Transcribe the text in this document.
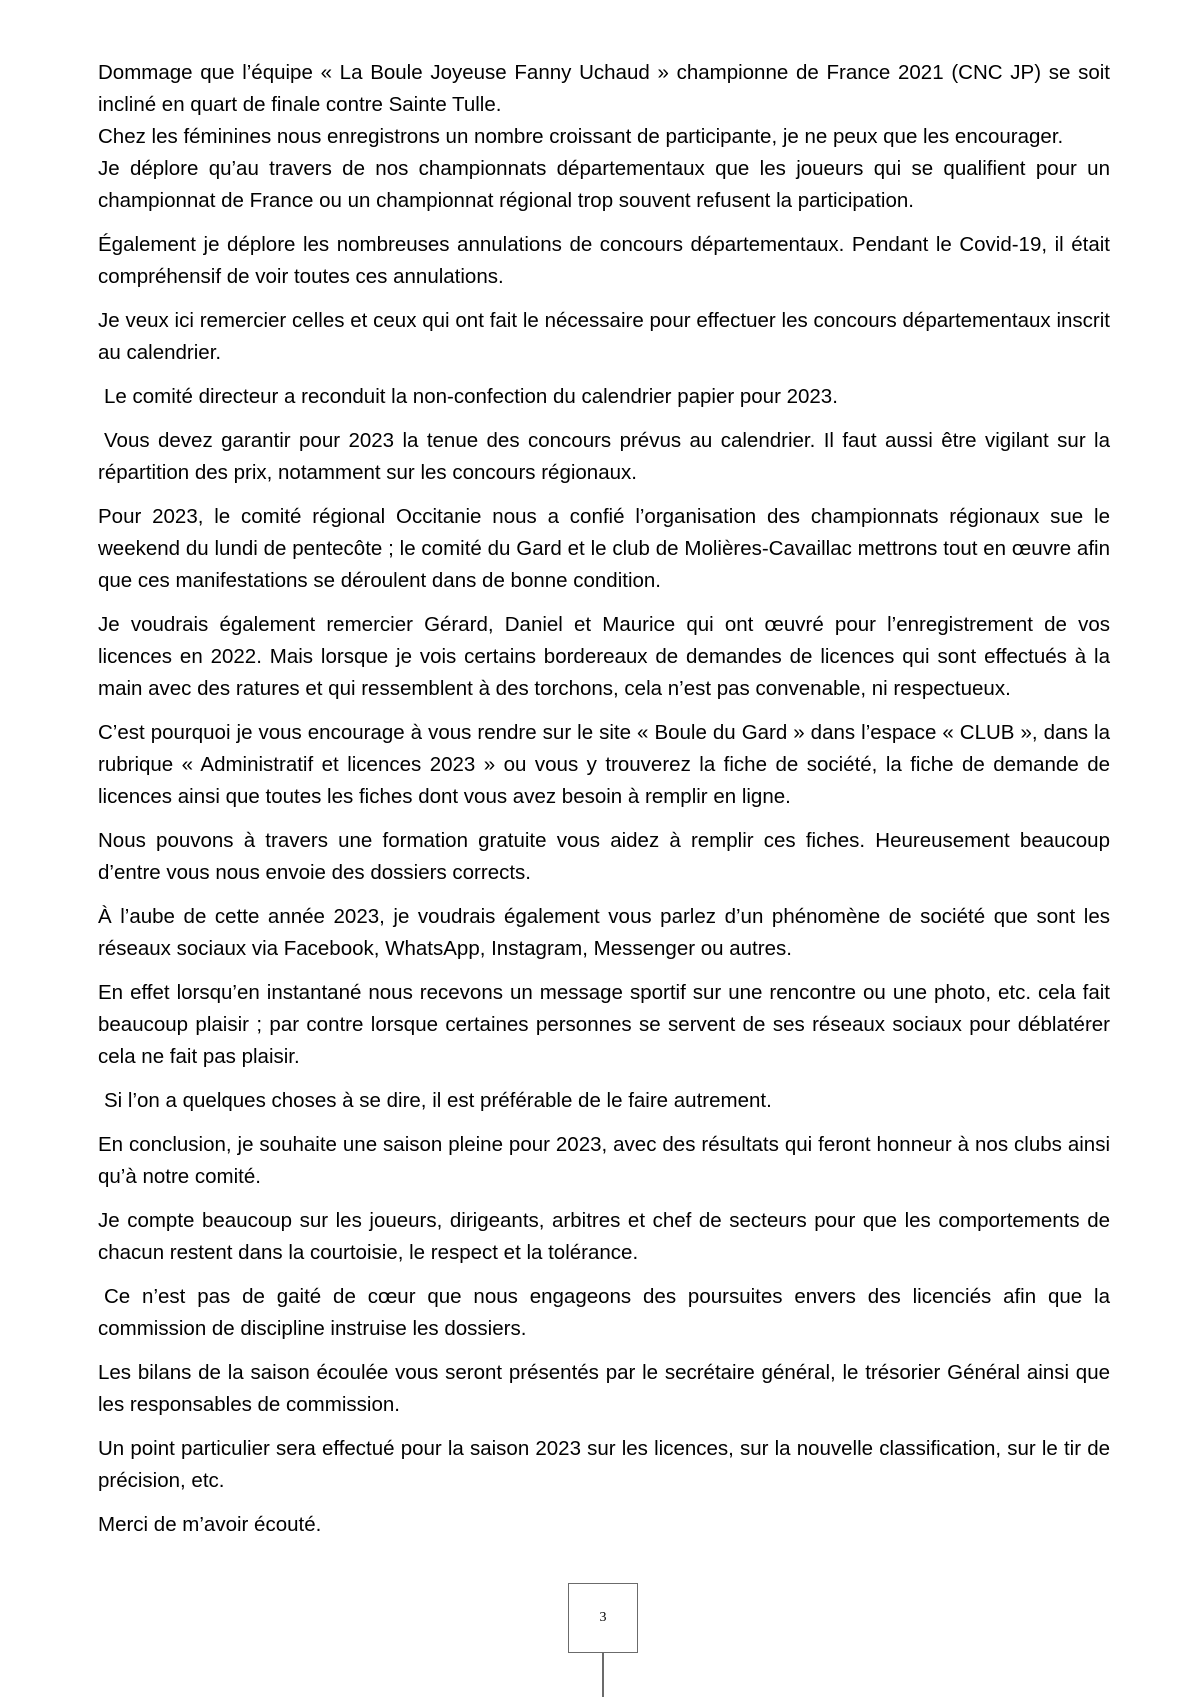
Dommage que l’équipe « La Boule Joyeuse Fanny Uchaud » championne de France 2021 (CNC JP) se soit incliné en quart de finale contre Sainte Tulle.

Chez les féminines nous enregistrons un nombre croissant de participante, je ne peux que les encourager.

Je déplore qu’au travers de nos championnats départementaux que les joueurs qui se qualifient pour un championnat de France ou un championnat régional trop souvent refusent la participation.

Également je déplore les nombreuses annulations de concours départementaux. Pendant le Covid-19, il était compréhensif de voir toutes ces annulations.

Je veux ici remercier celles et ceux qui ont fait le nécessaire pour effectuer les concours départementaux inscrit au calendrier.

Le comité directeur a reconduit la non-confection du calendrier papier pour 2023.

Vous devez garantir pour 2023 la tenue des concours prévus au calendrier. Il faut aussi être vigilant sur la répartition des prix, notamment sur les concours régionaux.

Pour 2023, le comité régional Occitanie nous a confié l’organisation des championnats régionaux sue le weekend du lundi de pentecôte ; le comité du Gard et le club de Molières-Cavaillac mettrons tout en œuvre afin que ces manifestations se déroulent dans de bonne condition.

Je voudrais également remercier Gérard, Daniel et Maurice qui ont œuvré pour l’enregistrement de vos licences en 2022. Mais lorsque je vois certains bordereaux de demandes de licences qui sont effectués à la main avec des ratures et qui ressemblent à des torchons, cela n’est pas convenable, ni respectueux.

C’est pourquoi je vous encourage à vous rendre sur le site « Boule du Gard » dans l’espace « CLUB », dans la rubrique « Administratif et licences 2023 » ou vous y trouverez la fiche de société, la fiche de demande de licences ainsi que toutes les fiches dont vous avez besoin à remplir en ligne.

Nous pouvons à travers une formation gratuite vous aidez à remplir ces fiches. Heureusement beaucoup d’entre vous nous envoie des dossiers corrects.

À l’aube de cette année 2023, je voudrais également vous parlez d’un phénomène de société que sont les réseaux sociaux via Facebook, WhatsApp, Instagram, Messenger ou autres.

En effet lorsqu’en instantané nous recevons un message sportif sur une rencontre ou une photo, etc. cela fait beaucoup plaisir ; par contre lorsque certaines personnes se servent de ses réseaux sociaux pour déblatérer cela ne fait pas plaisir.

Si l’on a quelques choses à se dire, il est préférable de le faire autrement.

En conclusion, je souhaite une saison pleine pour 2023, avec des résultats qui feront honneur à nos clubs ainsi qu’à notre comité.

Je compte beaucoup sur les joueurs, dirigeants, arbitres et chef de secteurs pour que les comportements de chacun restent dans la courtoisie, le respect et la tolérance.

Ce n’est pas de gaité de cœur que nous engageons des poursuites envers des licenciés afin que la commission de discipline instruise les dossiers.

Les bilans de la saison écoulée vous seront présentés par le secrétaire général, le trésorier Général ainsi que les responsables de commission.

Un point particulier sera effectué pour la saison 2023 sur les licences, sur la nouvelle classification, sur le tir de précision, etc.

Merci de m’avoir écouté.

3
